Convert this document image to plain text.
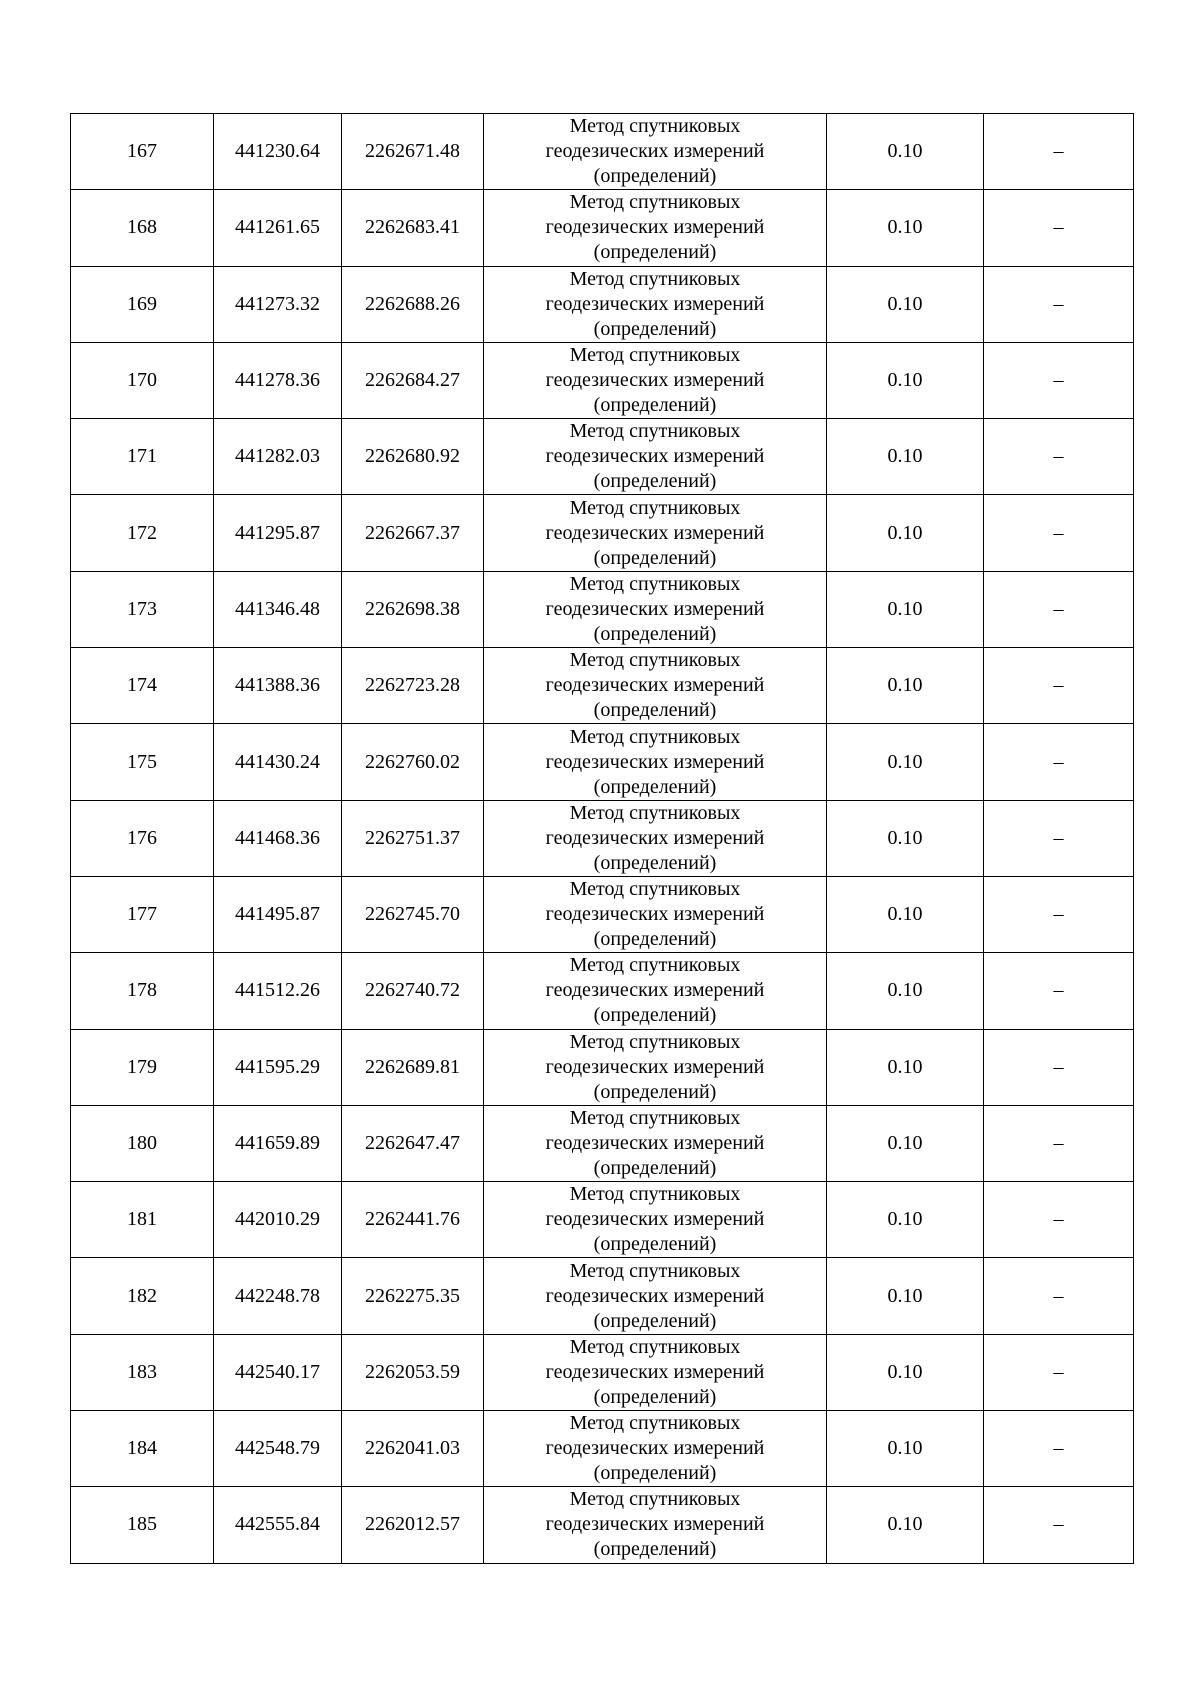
167	441230.64	2262671.48	Метод спутниковых
геодезических измерений
(определений)	0.10	–
168	441261.65	2262683.41	Метод спутниковых
геодезических измерений
(определений)	0.10	–
169	441273.32	2262688.26	Метод спутниковых
геодезических измерений
(определений)	0.10	–
170	441278.36	2262684.27	Метод спутниковых
геодезических измерений
(определений)	0.10	–
171	441282.03	2262680.92	Метод спутниковых
геодезических измерений
(определений)	0.10	–
172	441295.87	2262667.37	Метод спутниковых
геодезических измерений
(определений)	0.10	–
173	441346.48	2262698.38	Метод спутниковых
геодезических измерений
(определений)	0.10	–
174	441388.36	2262723.28	Метод спутниковых
геодезических измерений
(определений)	0.10	–
175	441430.24	2262760.02	Метод спутниковых
геодезических измерений
(определений)	0.10	–
176	441468.36	2262751.37	Метод спутниковых
геодезических измерений
(определений)	0.10	–
177	441495.87	2262745.70	Метод спутниковых
геодезических измерений
(определений)	0.10	–
178	441512.26	2262740.72	Метод спутниковых
геодезических измерений
(определений)	0.10	–
179	441595.29	2262689.81	Метод спутниковых
геодезических измерений
(определений)	0.10	–
180	441659.89	2262647.47	Метод спутниковых
геодезических измерений
(определений)	0.10	–
181	442010.29	2262441.76	Метод спутниковых
геодезических измерений
(определений)	0.10	–
182	442248.78	2262275.35	Метод спутниковых
геодезических измерений
(определений)	0.10	–
183	442540.17	2262053.59	Метод спутниковых
геодезических измерений
(определений)	0.10	–
184	442548.79	2262041.03	Метод спутниковых
геодезических измерений
(определений)	0.10	–
185	442555.84	2262012.57	Метод спутниковых
геодезических измерений
(определений)	0.10	–
